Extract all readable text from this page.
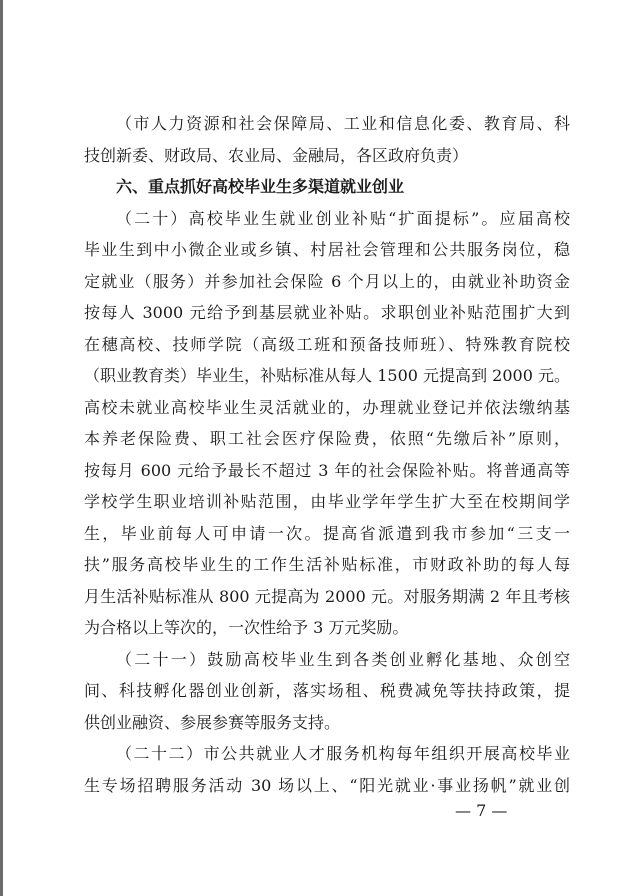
（市人力资源和社会保障局、工业和信息化委、教育局、科
技创新委、财政局、农业局、金融局，各区政府负责）
六、重点抓好高校毕业生多渠道就业创业
（二十）高校毕业生就业创业补贴“扩面提标”。应届高校
毕业生到中小微企业或乡镇、村居社会管理和公共服务岗位，稳
定就业（服务）并参加社会保险 6 个月以上的，由就业补助资金
按每人 3000 元给予到基层就业补贴。求职创业补贴范围扩大到
在穗高校、技师学院（高级工班和预备技师班）、特殊教育院校
（职业教育类）毕业生，补贴标准从每人 1500 元提高到 2000 元。
高校未就业高校毕业生灵活就业的，办理就业登记并依法缴纳基
本养老保险费、职工社会医疗保险费，依照“先缴后补”原则，
按每月 600 元给予最长不超过 3 年的社会保险补贴。将普通高等
学校学生职业培训补贴范围，由毕业学年学生扩大至在校期间学
生，毕业前每人可申请一次。提高省派遣到我市参加“三支一
扶”服务高校毕业生的工作生活补贴标准，市财政补助的每人每
月生活补贴标准从 800 元提高为 2000 元。对服务期满 2 年且考核
为合格以上等次的，一次性给予 3 万元奖励。
（二十一）鼓励高校毕业生到各类创业孵化基地、众创空
间、科技孵化器创业创新，落实场租、税费减免等扶持政策，提
供创业融资、参展参赛等服务支持。
（二十二）市公共就业人才服务机构每年组织开展高校毕业
生专场招聘服务活动 30 场以上、“阳光就业·事业扬帆”就业创
— 7 —
